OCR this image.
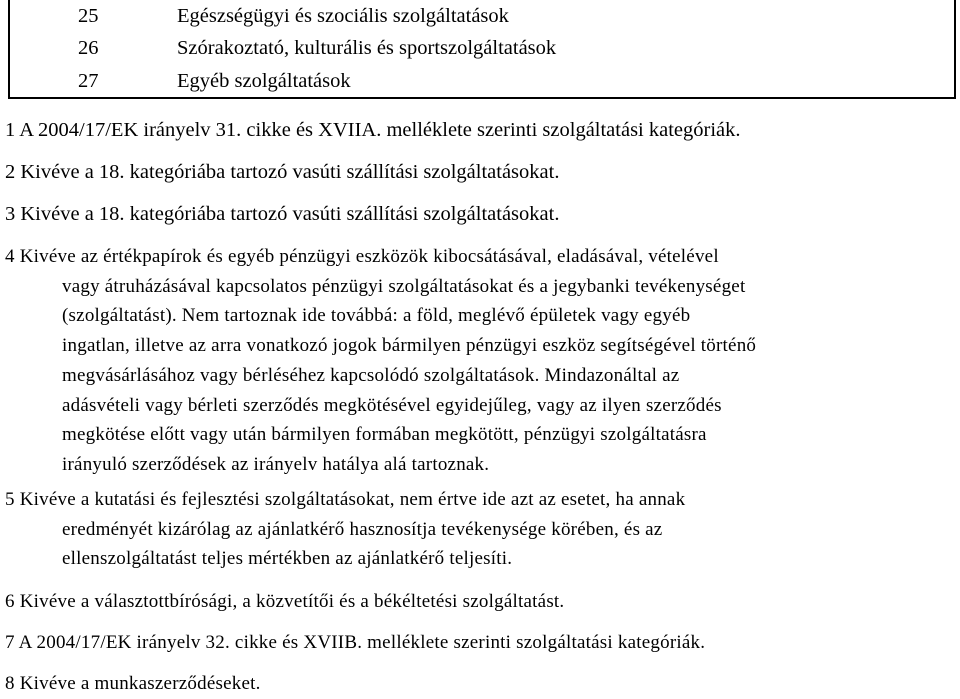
25	Egészségügyi és szociális szolgáltatások
26	Szórakoztató, kulturális és sportszolgáltatások
27	Egyéb szolgáltatások
1 A 2004/17/EK irányelv 31. cikke és XVIIA. melléklete szerinti szolgáltatási kategóriák.
2 Kivéve a 18. kategóriába tartozó vasúti szállítási szolgáltatásokat.
3 Kivéve a 18. kategóriába tartozó vasúti szállítási szolgáltatásokat.
4 Kivéve az értékpapírok és egyéb pénzügyi eszközök kibocsátásával, eladásával, vételével
vagy átruházásával kapcsolatos pénzügyi szolgáltatásokat és a jegybanki tevékenységet
(szolgáltatást). Nem tartoznak ide továbbá: a föld, meglévő épületek vagy egyéb
ingatlan, illetve az arra vonatkozó jogok bármilyen pénzügyi eszköz segítségével történő
megvásárlásához vagy bérléséhez kapcsolódó szolgáltatások. Mindazonáltal az
adásvételi vagy bérleti szerződés megkötésével egyidejűleg, vagy az ilyen szerződés
megkötése előtt vagy után bármilyen formában megkötött, pénzügyi szolgáltatásra
irányuló szerződések az irányelv hatálya alá tartoznak.
5 Kivéve a kutatási és fejlesztési szolgáltatásokat, nem értve ide azt az esetet, ha annak
eredményét kizárólag az ajánlatkérő hasznosítja tevékenysége körében, és az
ellenszolgáltatást teljes mértékben az ajánlatkérő teljesíti.
6 Kivéve a választottbírósági, a közvetítői és a békéltetési szolgáltatást.
7 A 2004/17/EK irányelv 32. cikke és XVIIB. melléklete szerinti szolgáltatási kategóriák.
8 Kivéve a munkaszerződéseket.
